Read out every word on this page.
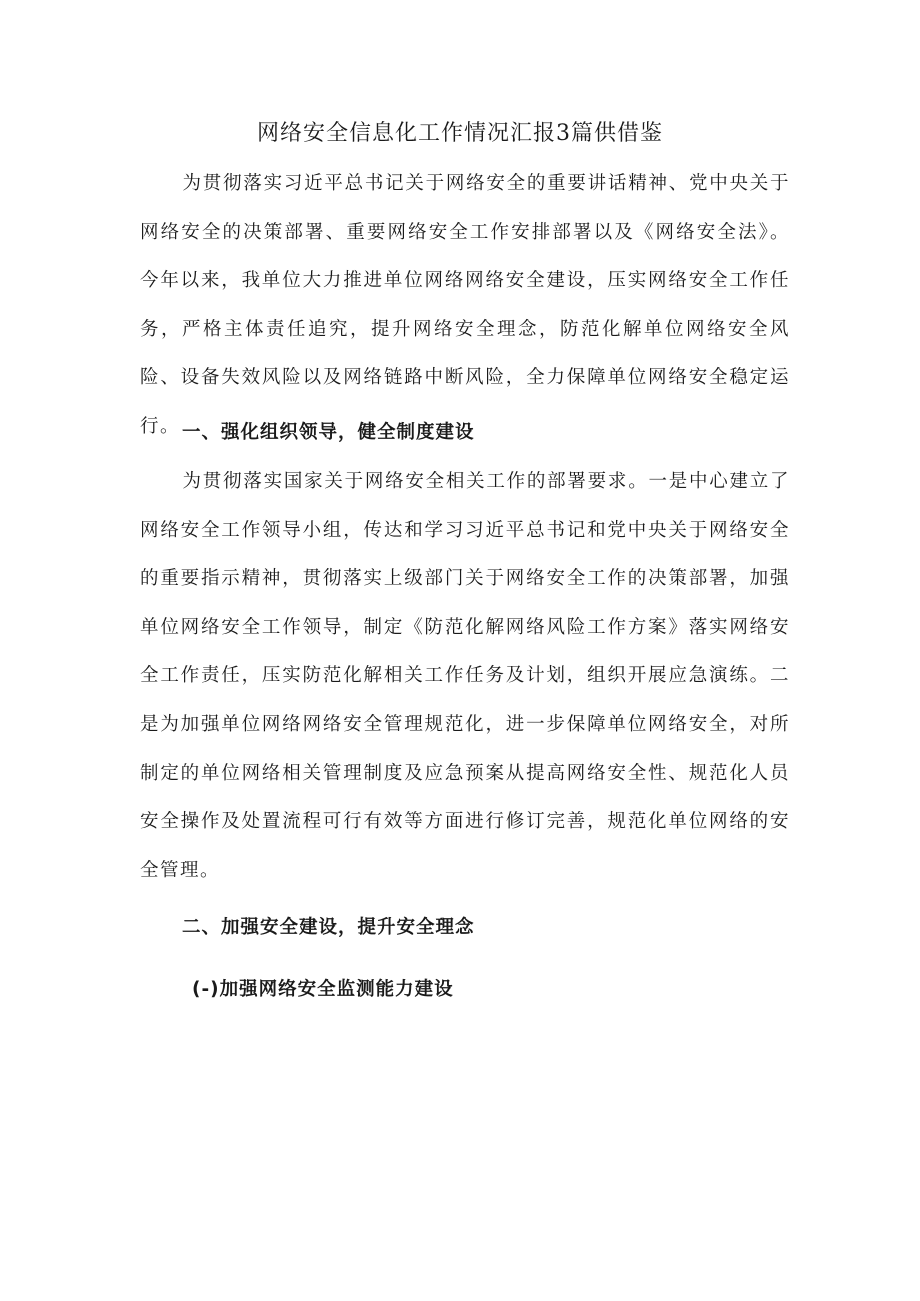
网络安全信息化工作情况汇报3篇供借鉴

为贯彻落实习近平总书记关于网络安全的重要讲话精神、党中央关于网络安全的决策部署、重要网络安全工作安排部署以及《网络安全法》。今年以来，我单位大力推进单位网络网络安全建设，压实网络安全工作任务，严格主体责任追究，提升网络安全理念，防范化解单位网络安全风险、设备失效风险以及网络链路中断风险，全力保障单位网络安全稳定运行。 一、强化组织领导，健全制度建设

为贯彻落实国家关于网络安全相关工作的部署要求。一是中心建立了网络安全工作领导小组，传达和学习习近平总书记和党中央关于网络安全的重要指示精神，贯彻落实上级部门关于网络安全工作的决策部署，加强单位网络安全工作领导，制定《防范化解网络风险工作方案》落实网络安全工作责任，压实防范化解相关工作任务及计划，组织开展应急演练。二是为加强单位网络网络安全管理规范化，进一步保障单位网络安全，对所制定的单位网络相关管理制度及应急预案从提高网络安全性、规范化人员安全操作及处置流程可行有效等方面进行修订完善，规范化单位网络的安全管理。

二、加强安全建设，提升安全理念
(-)加强网络安全监测能力建设
